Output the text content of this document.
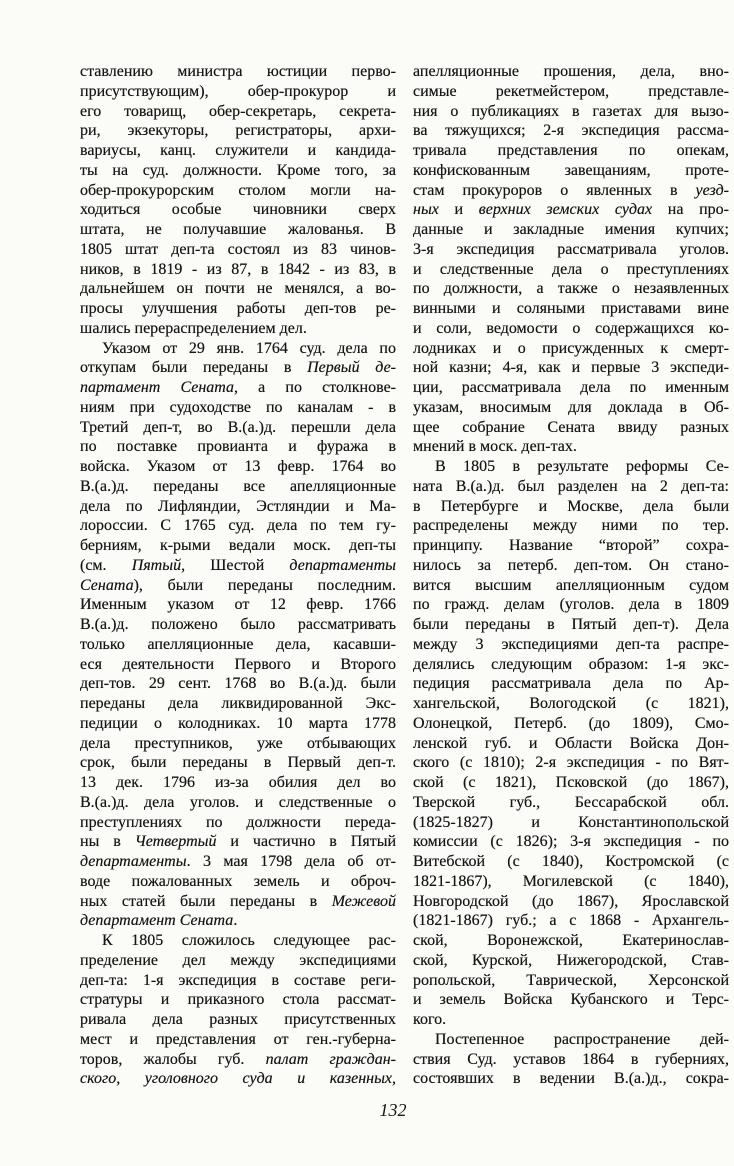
ставлению министра юстиции перво-
присутствующим), обер-прокурор и
его товарищ, обер-секретарь, секрета-
ри, экзекуторы, регистраторы, архи-
вариусы, канц. служители и кандида-
ты на суд. должности. Кроме того, за
обер-прокурорским столом могли на-
ходиться особые чиновники сверх
штата, не получавшие жалованья. В
1805 штат деп-та состоял из 83 чинов-
ников, в 1819 - из 87, в 1842 - из 83, в
дальнейшем он почти не менялся, а во-
просы улучшения работы деп-тов ре-
шались перераспределением дел.
Указом от 29 янв. 1764 суд. дела по
откупам были переданы в Первый де-
партамент Сената, а по столкнове-
ниям при судоходстве по каналам - в
Третий деп-т, во В.(а.)д. перешли дела
по поставке провианта и фуража в
войска. Указом от 13 февр. 1764 во
В.(а.)д. переданы все апелляционные
дела по Лифляндии, Эстляндии и Ма-
лороссии. С 1765 суд. дела по тем гу-
берниям, к-рыми ведали моск. деп-ты
(см. Пятый, Шестой департаменты
Сената), были переданы последним.
Именным указом от 12 февр. 1766
В.(а.)д. положено было рассматривать
только апелляционные дела, касавши-
еся деятельности Первого и Второго
деп-тов. 29 сент. 1768 во В.(а.)д. были
переданы дела ликвидированной Экс-
педиции о колодниках. 10 марта 1778
дела преступников, уже отбывающих
срок, были переданы в Первый деп-т.
13 дек. 1796 из-за обилия дел во
В.(а.)д. дела уголов. и следственные о
преступлениях по должности переда-
ны в Четвертый и частично в Пятый
департаменты. 3 мая 1798 дела об от-
воде пожалованных земель и оброч-
ных статей были переданы в Межевой
департамент Сената.
К 1805 сложилось следующее рас-
пределение дел между экспедициями
деп-та: 1-я экспедиция в составе реги-
стратуры и приказного стола рассмат-
ривала дела разных присутственных
мест и представления от ген.-губерна-
торов, жалобы губ. палат граждан-
ского, уголовного суда и казенных,
апелляционные прошения, дела, вно-
симые рекетмейстером, представле-
ния о публикациях в газетах для вызо-
ва тяжущихся; 2-я экспедиция рассма-
тривала представления по опекам,
конфискованным завещаниям, проте-
стам прокуроров о явленных в уезд-
ных и верхних земских судах на про-
данные и закладные имения купчих;
3-я экспедиция рассматривала уголов.
и следственные дела о преступлениях
по должности, а также о незаявленных
винными и соляными приставами вине
и соли, ведомости о содержащихся ко-
лодниках и о присужденных к смерт-
ной казни; 4-я, как и первые 3 экспеди-
ции, рассматривала дела по именным
указам, вносимым для доклада в Об-
щее собрание Сената ввиду разных
мнений в моск. деп-тах.
В 1805 в результате реформы Се-
ната В.(а.)д. был разделен на 2 деп-та:
в Петербурге и Москве, дела были
распределены между ними по тер.
принципу. Название “второй” сохра-
нилось за петерб. деп-том. Он стано-
вится высшим апелляционным судом
по гражд. делам (уголов. дела в 1809
были переданы в Пятый деп-т). Дела
между 3 экспедициями деп-та распре-
делялись следующим образом: 1-я экс-
педиция рассматривала дела по Ар-
хангельской, Вологодской (с 1821),
Олонецкой, Петерб. (до 1809), Смо-
ленской губ. и Области Войска Дон-
ского (с 1810); 2-я экспедиция - по Вят-
ской (с 1821), Псковской (до 1867),
Тверской губ., Бессарабской обл.
(1825-1827) и Константинопольской
комиссии (с 1826); 3-я экспедиция - по
Витебской (с 1840), Костромской (с
1821-1867), Могилевской (с 1840),
Новгородской (до 1867), Ярославской
(1821-1867) губ.; а с 1868 - Архангель-
ской, Воронежской, Екатеринослав-
ской, Курской, Нижегородской, Став-
ропольской, Таврической, Херсонской
и земель Войска Кубанского и Терс-
кого.
Постепенное распространение дей-
ствия Суд. уставов 1864 в губерниях,
состоявших в ведении В.(а.)д., сокра-
132
